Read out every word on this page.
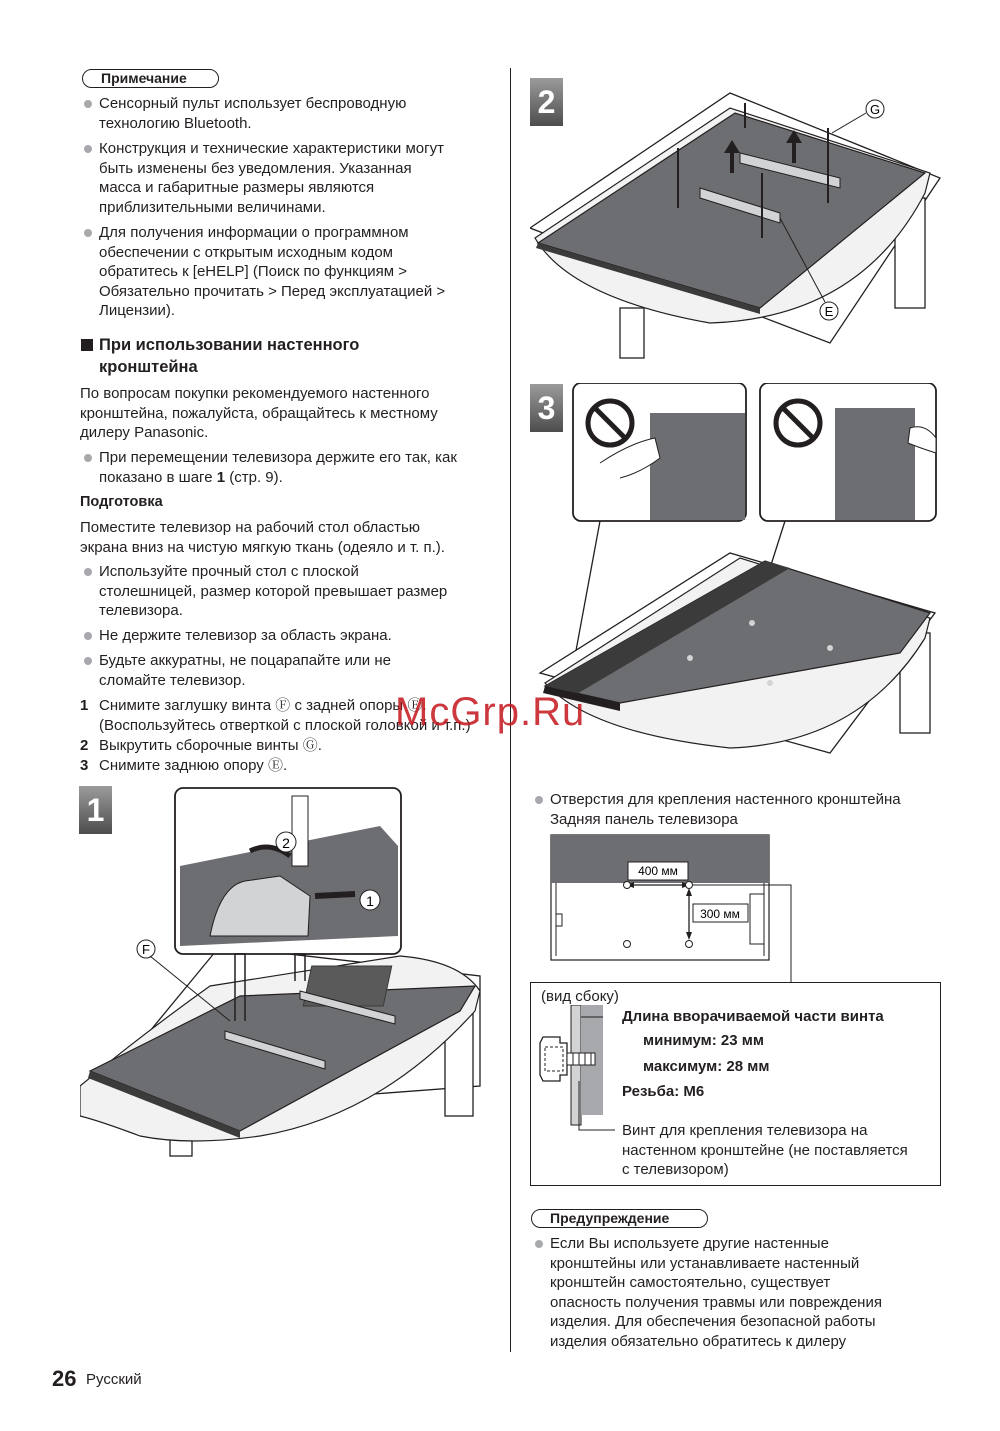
Примечание
Сенсорный пульт использует беспроводную
технологию Bluetooth.
Конструкция и технические характеристики могут
быть изменены без уведомления. Указанная
масса и габаритные размеры являются
приблизительными величинами.
Для получения информации о программном
обеспечении с открытым исходным кодом
обратитесь к [eHELP] (Поиск по функциям >
Обязательно прочитать > Перед эксплуатацией >
Лицензии).
При использовании настенного
кронштейна
По вопросам покупки рекомендуемого настенного
кронштейна, пожалуйста, обращайтесь к местному
дилеру Panasonic.
При перемещении телевизора держите его так, как
показано в шаге 1 (стр. 9).
Подготовка
Поместите телевизор на рабочий стол областью
экрана вниз на чистую мягкую ткань (одеяло и т. п.).
Используйте прочный стол с плоской
столешницей, размер которой превышает размер
телевизора.
Не держите телевизор за область экрана.
Будьте аккуратны, не поцарапайте или не
сломайте телевизор.
1 Снимите заглушку винта Ⓕ с задней опоры Ⓔ.
(Воспользуйтесь отверткой с плоской головкой и т.п.)
2 Выкрутить сборочные винты Ⓖ.
3 Снимите заднюю опору Ⓔ.
1
2
1
F
2	G
E
3
Отверстия для крепления настенного кронштейна
Задняя панель телевизора
400 мм
300 мм
(вид сбоку)
Длина вворачиваемой части винта
минимум: 23 мм
максимум: 28 мм
Резьба: M6
Винт для крепления телевизора на
настенном кронштейне (не поставляется
с телевизором)
Предупреждение
Если Вы используете другие настенные
кронштейны или устанавливаете настенный
кронштейн самостоятельно, существует
опасность получения травмы или повреждения
изделия. Для обеспечения безопасной работы
изделия обязательно обратитесь к дилеру
McGrp.Ru
26 Русский
